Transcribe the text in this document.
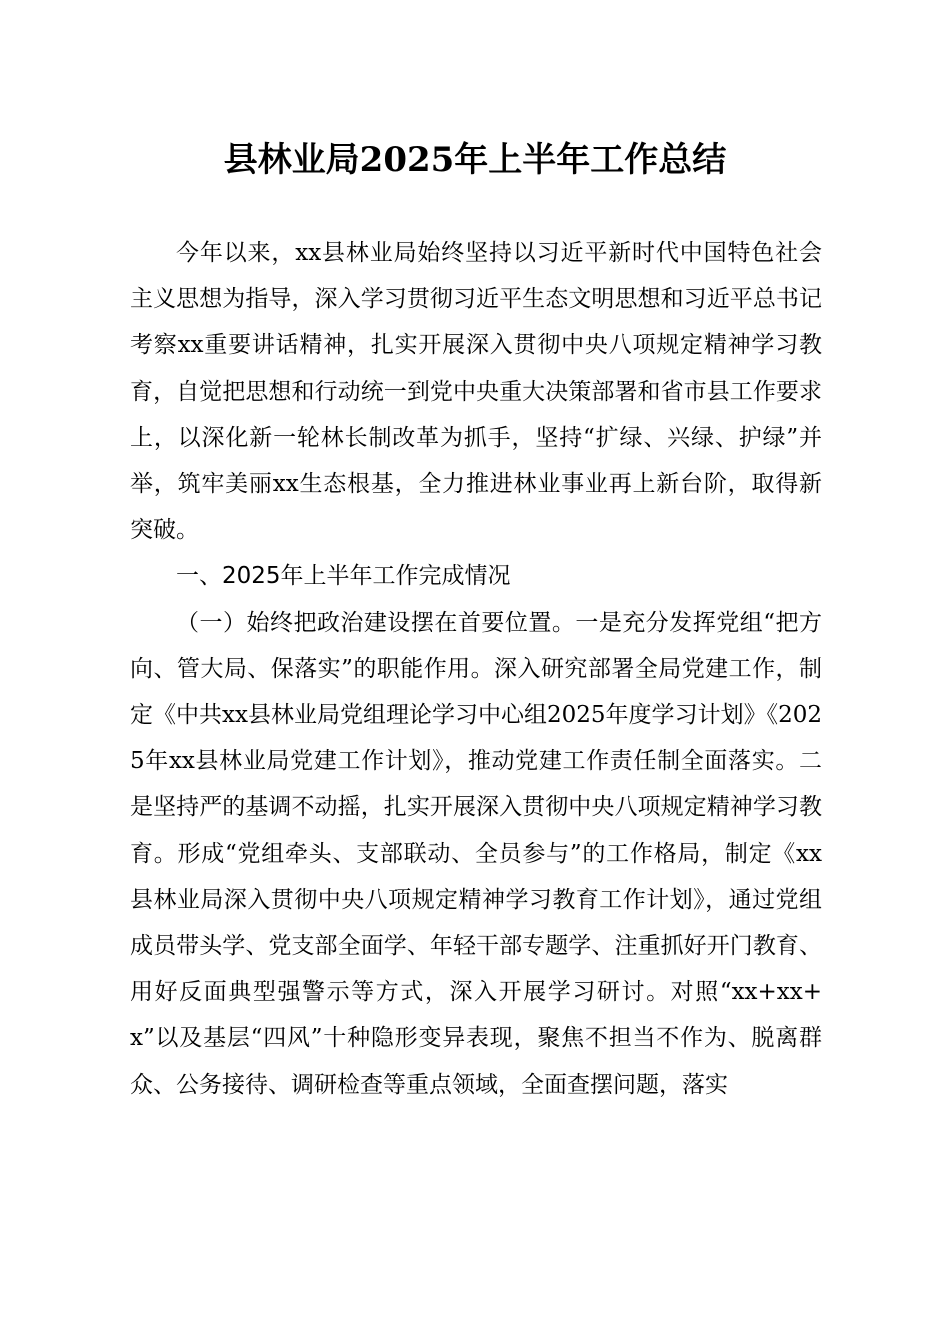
县林业局2025年上半年工作总结

今年以来，xx县林业局始终坚持以习近平新时代中国特色社会主义思想为指导，深入学习贯彻习近平生态文明思想和习近平总书记考察xx重要讲话精神，扎实开展深入贯彻中央八项规定精神学习教育，自觉把思想和行动统一到党中央重大决策部署和省市县工作要求上，以深化新一轮林长制改革为抓手，坚持“扩绿、兴绿、护绿”并举，筑牢美丽xx生态根基，全力推进林业事业再上新台阶，取得新突破。

一、2025年上半年工作完成情况

（一）始终把政治建设摆在首要位置。一是充分发挥党组“把方向、管大局、保落实”的职能作用。深入研究部署全局党建工作，制定《中共xx县林业局党组理论学习中心组2025年度学习计划》《2025年xx县林业局党建工作计划》，推动党建工作责任制全面落实。二是坚持严的基调不动摇，扎实开展深入贯彻中央八项规定精神学习教育。形成“党组牵头、支部联动、全员参与”的工作格局，制定《xx县林业局深入贯彻中央八项规定精神学习教育工作计划》，通过党组成员带头学、党支部全面学、年轻干部专题学、注重抓好开门教育、用好反面典型强警示等方式，深入开展学习研讨。对照“xx+xx+x”以及基层“四风”十种隐形变异表现，聚焦不担当不作为、脱离群众、公务接待、调研检查等重点领域，全面查摆问题，落实
